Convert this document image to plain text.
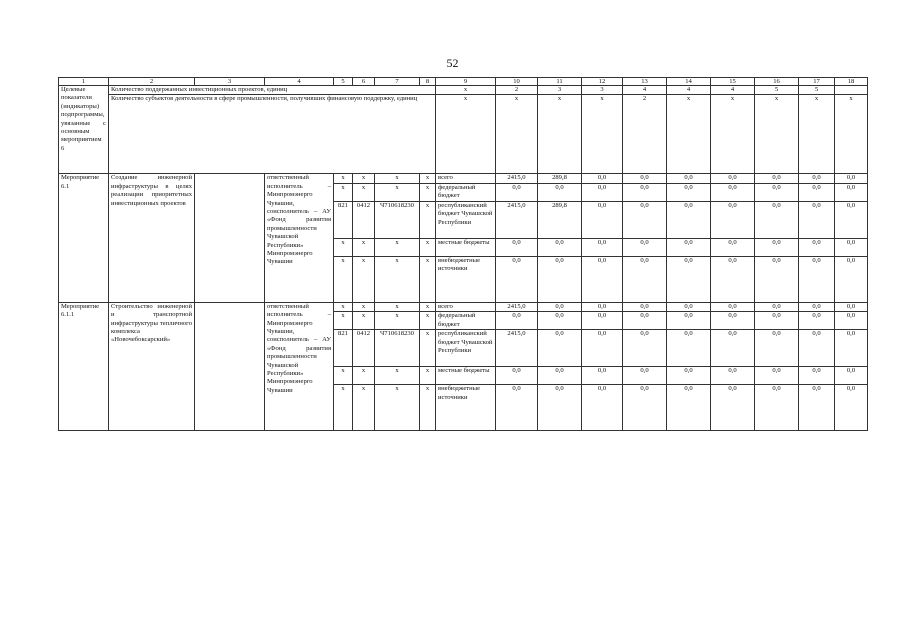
52
1	2	3	4	5	6	7	8	9	10	11	12	13	14	15	16	17	18
Целевые показатели (индикаторы) подпрограммы, увязанные с основным мероприятием 6	Количество поддержанных инвестиционных проектов, единиц							х	2	3	3	4	4	4	5	5	
	Количество субъектов деятельности в сфере промышленности, получивших финансовую поддержку, единиц							х	х	х	х	2	х	х	х	х	х
Мероприятие 6.1	Создание инженерной инфраструктуры в целях реализации приоритетных инвестиционных проектов		ответственный исполнитель – Минпромэнерго Чувашии, соисполнитель – АУ «Фонд развития промышленности Чувашской Республики» Минпромэнерго Чувашии	х	х	х	х	всего	2415,0	289,8	0,0	0,0	0,0	0,0	0,0	0,0	0,0
				х	х	х	х	федеральный бюджет	0,0	0,0	0,0	0,0	0,0	0,0	0,0	0,0	0,0
				821	0412	Ч710618230	х	республиканский бюджет Чувашской Республики	2415,0	289,8	0,0	0,0	0,0	0,0	0,0	0,0	0,0
				х	х	х	х	местные бюджеты	0,0	0,0	0,0	0,0	0,0	0,0	0,0	0,0	0,0
				х	х	х	х	внебюджетные источники	0,0	0,0	0,0	0,0	0,0	0,0	0,0	0,0	0,0
Мероприятие 6.1.1	Строительство инженерной и транспортной инфраструктуры тепличного комплекса «Новочебоксарский»		ответственный исполнитель – Минпромэнерго Чувашии, соисполнитель – АУ «Фонд развития промышленности Чувашской Республики» Минпромэнерго Чувашии	х	х	х	х	всего	2415,0	0,0	0,0	0,0	0,0	0,0	0,0	0,0	0,0
				х	х	х	х	федеральный бюджет	0,0	0,0	0,0	0,0	0,0	0,0	0,0	0,0	0,0
				821	0412	Ч710618230	х	республиканский бюджет Чувашской Республики	2415,0	0,0	0,0	0,0	0,0	0,0	0,0	0,0	0,0
				х	х	х	х	местные бюджеты	0,0	0,0	0,0	0,0	0,0	0,0	0,0	0,0	0,0
				х	х	х	х	внебюджетные источники	0,0	0,0	0,0	0,0	0,0	0,0	0,0	0,0	0,0
